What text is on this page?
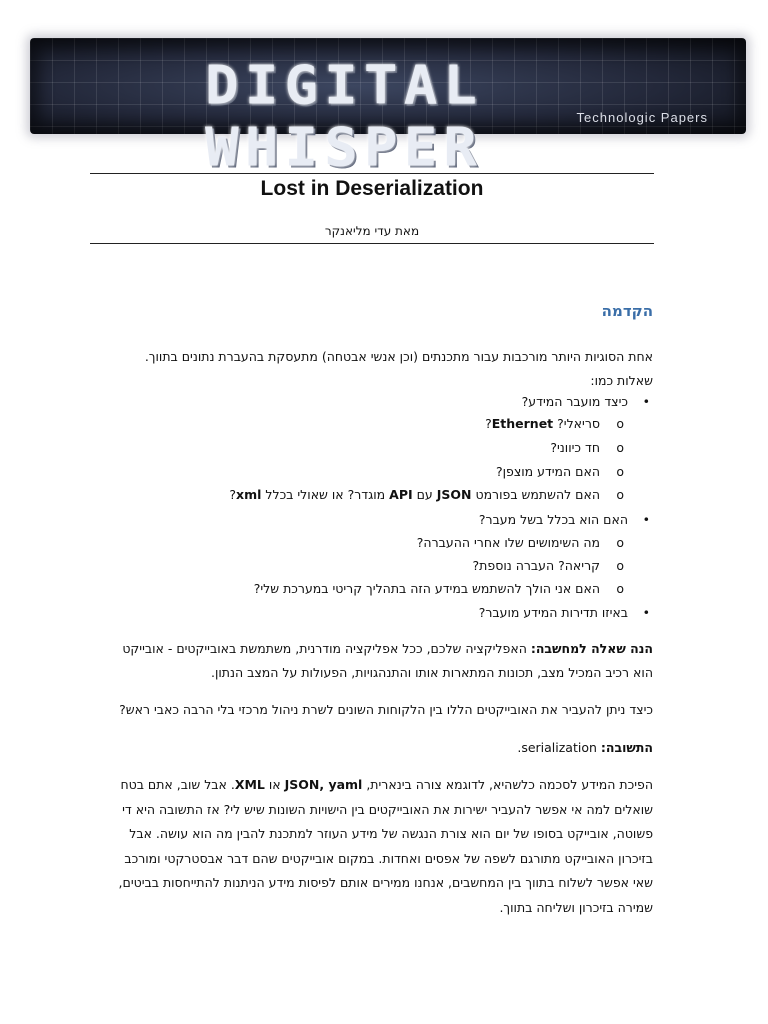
DIGITAL WHISPER	Technologic Papers
Lost in Deserialization
מאת עדי מליאנקר
הקדמה
אחת הסוגיות היותר מורכבות עבור מתכנתים (וכן אנשי אבטחה) מתעסקת בהעברת נתונים בתווך.
שאלות כמו:
•
כיצד מועבר המידע?
o
סריאלי? Ethernet?
o
חד כיווני?
o
האם המידע מוצפן?
o
האם להשתמש בפורמט JSON עם API מוגדר? או שאולי בכלל xml?
•
האם הוא בכלל בשל מעבר?
o
מה השימושים שלו אחרי ההעברה?
o
קריאה? העברה נוספת?
o
האם אני הולך להשתמש במידע הזה בתהליך קריטי במערכת שלי?
•
באיזו תדירות המידע מועבר?
הנה שאלה למחשבה: האפליקציה שלכם, ככל אפליקציה מודרנית, משתמשת באובייקטים - אובייקט
הוא רכיב המכיל מצב, תכונות המתארות אותו והתנהגויות, הפעולות על המצב הנתון.
כיצד ניתן להעביר את האובייקטים הללו בין הלקוחות השונים לשרת ניהול מרכזי בלי הרבה כאבי ראש?
התשובה: serialization.
הפיכת המידע לסכמה כלשהיא, לדוגמא צורה בינארית, JSON, yaml או XML. אבל שוב, אתם בטח
שואלים למה אי אפשר להעביר ישירות את האובייקטים בין הישויות השונות שיש לי? אז התשובה היא די
פשוטה, אובייקט בסופו של יום הוא צורת הנגשה של מידע העוזר למתכנת להבין מה הוא עושה. אבל
בזיכרון האובייקט מתורגם לשפה של אפסים ואחדות. במקום אובייקטים שהם דבר אבסטרקטי ומורכב
שאי אפשר לשלוח בתווך בין המחשבים, אנחנו ממירים אותם לפיסות מידע הניתנות להתייחסות בביטים,
שמירה בזיכרון ושליחה בתווך.
